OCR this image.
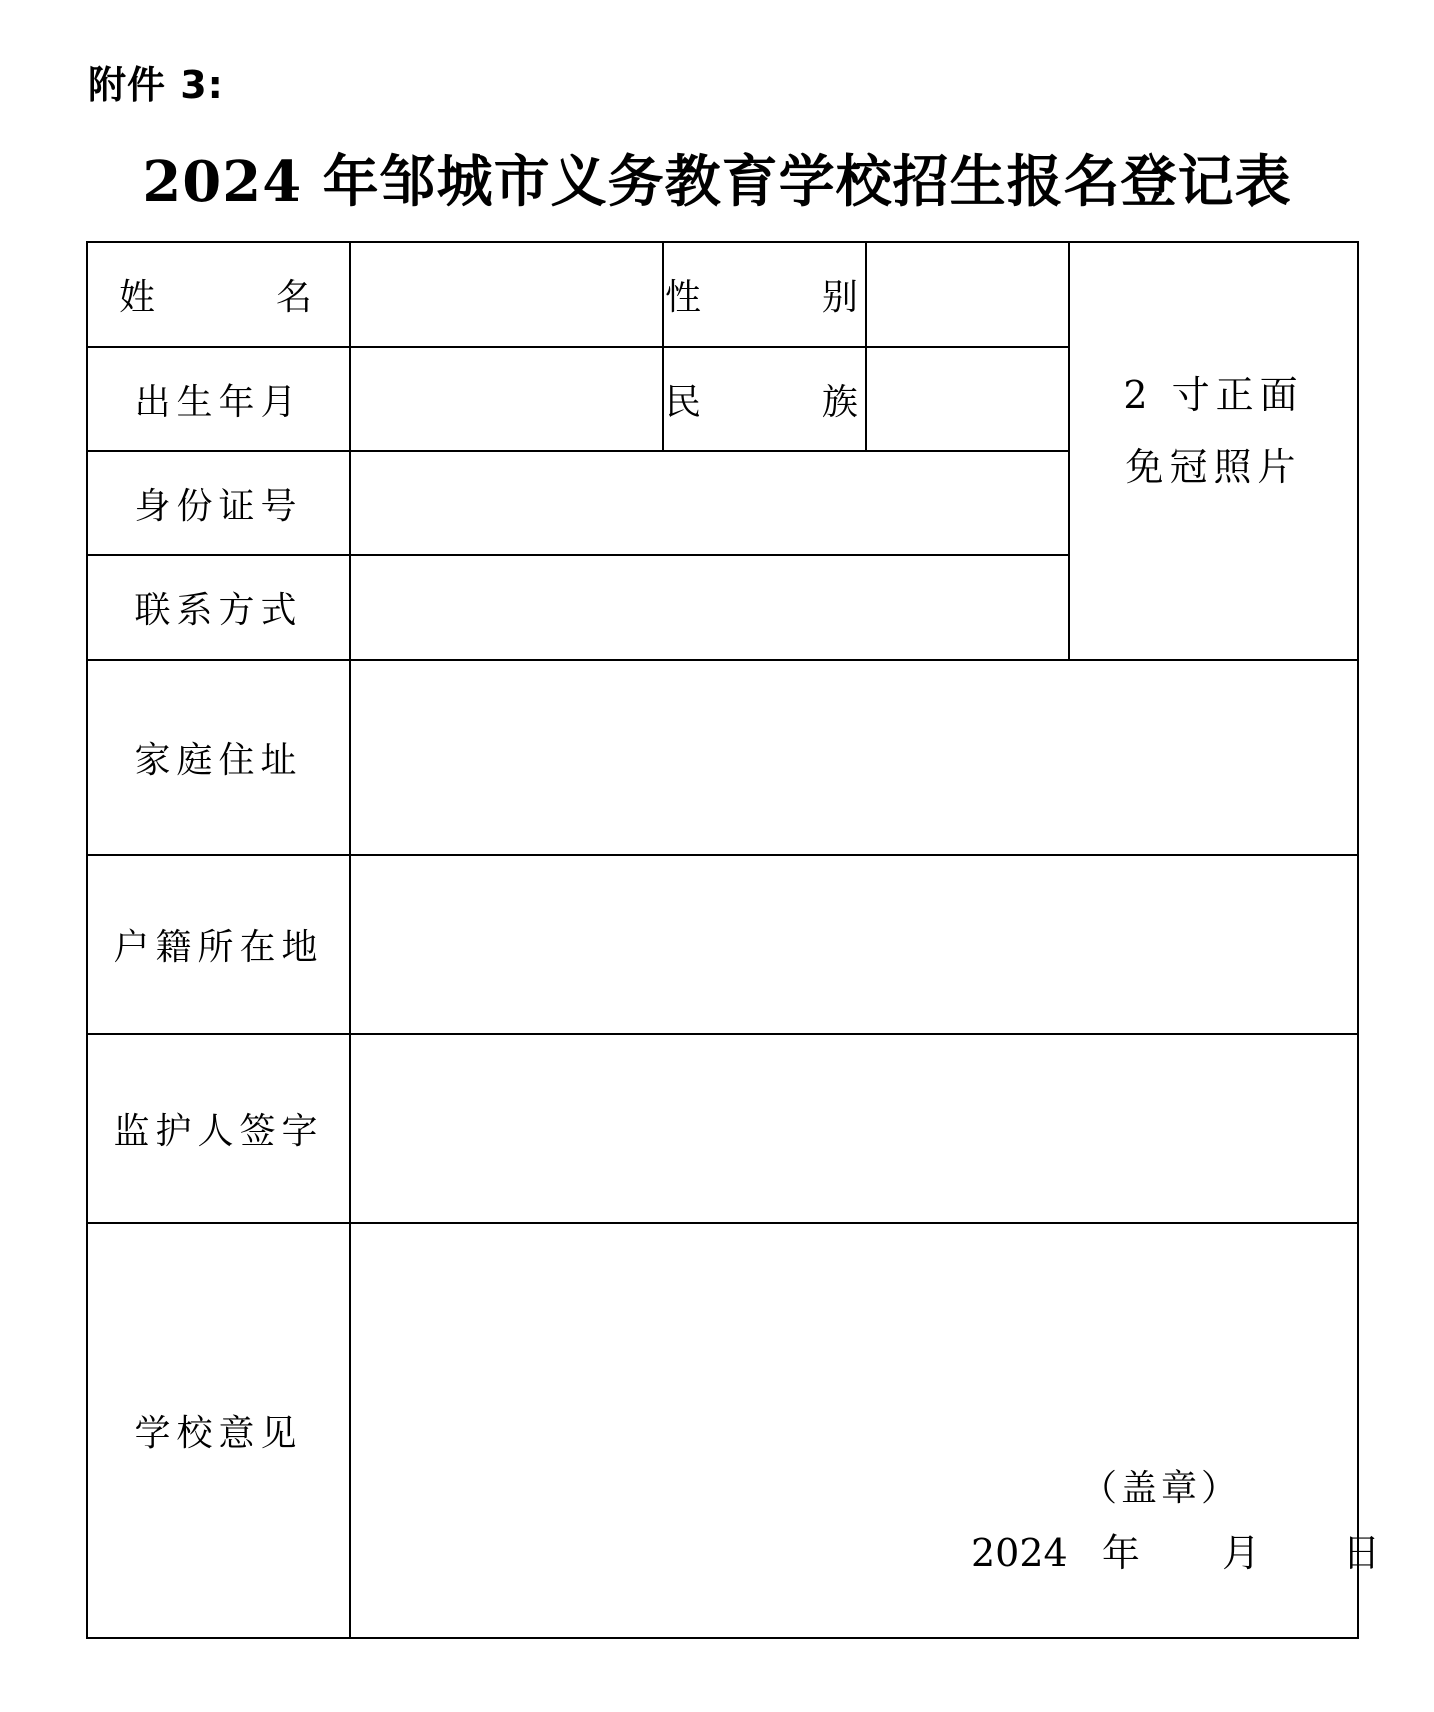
附件 3:
2024 年邹城市义务教育学校招生报名登记表
姓  名		性  别		2 寸正面
免冠照片

出生年月		民  族		
身份证号				
联系方式				
家庭住址				
户籍所在地				
监护人签字				
学校意见	（盖章）
2024 年 月 日			
